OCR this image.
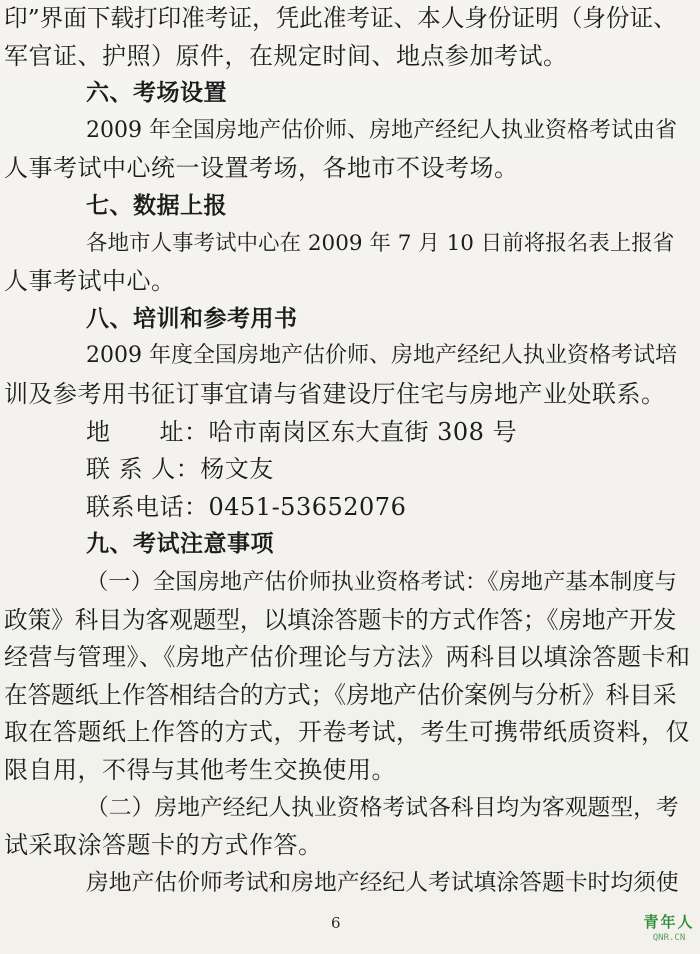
印”界面下载打印准考证，凭此准考证、本人身份证明（身份证、
军官证、护照）原件，在规定时间、地点参加考试。
六、考场设置
2009 年全国房地产估价师、房地产经纪人执业资格考试由省
人事考试中心统一设置考场，各地市不设考场。
七、数据上报
各地市人事考试中心在 2009 年 7 月 10 日前将报名表上报省
人事考试中心。
八、培训和参考用书
2009 年度全国房地产估价师、房地产经纪人执业资格考试培
训及参考用书征订事宜请与省建设厅住宅与房地产业处联系。
地　　址：哈市南岗区东大直街 308 号
联 系 人：杨文友
联系电话：0451-53652076
九、考试注意事项
（一）全国房地产估价师执业资格考试：《房地产基本制度与
政策》科目为客观题型，以填涂答题卡的方式作答；《房地产开发
经营与管理》、《房地产估价理论与方法》两科目以填涂答题卡和
在答题纸上作答相结合的方式；《房地产估价案例与分析》科目采
取在答题纸上作答的方式，开卷考试，考生可携带纸质资料，仅
限自用，不得与其他考生交换使用。
（二）房地产经纪人执业资格考试各科目均为客观题型，考
试采取涂答题卡的方式作答。
房地产估价师考试和房地产经纪人考试填涂答题卡时均须使
6	青年人
QNR.CN
